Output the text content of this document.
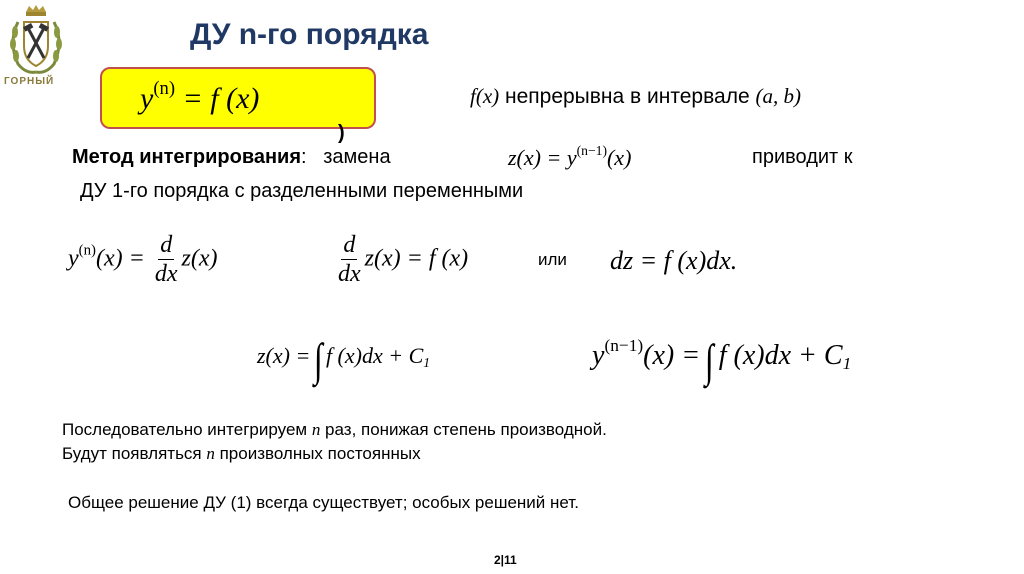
ГОРНЫЙ
ДУ n-го порядка
$y^{(n)} = f$ (x)
)
f(x) непрерывна в интервале (a, b)
Метод интегрирования: замена	$z(x) = y^{(n-1)}(x)$	приводит к
ДУ 1-го порядка с разделенными переменными
$y^{(n)}(x) = \frac{d}{dx} z(x)$	$\frac{d}{dx} z(x) = f$ (x)	или dz = f (x)dx.
z(x) = ∫ f $(x)dx + C_1$	$y^{(n-1)}(x)$ = ∫ f $(x)dx + C_1$
Последовательно интегрируем n раз, понижая степень производной.
Будут появляться n произволных постоянных
Общее решение ДУ (1) всегда существует; особых решений нет.
2|11
